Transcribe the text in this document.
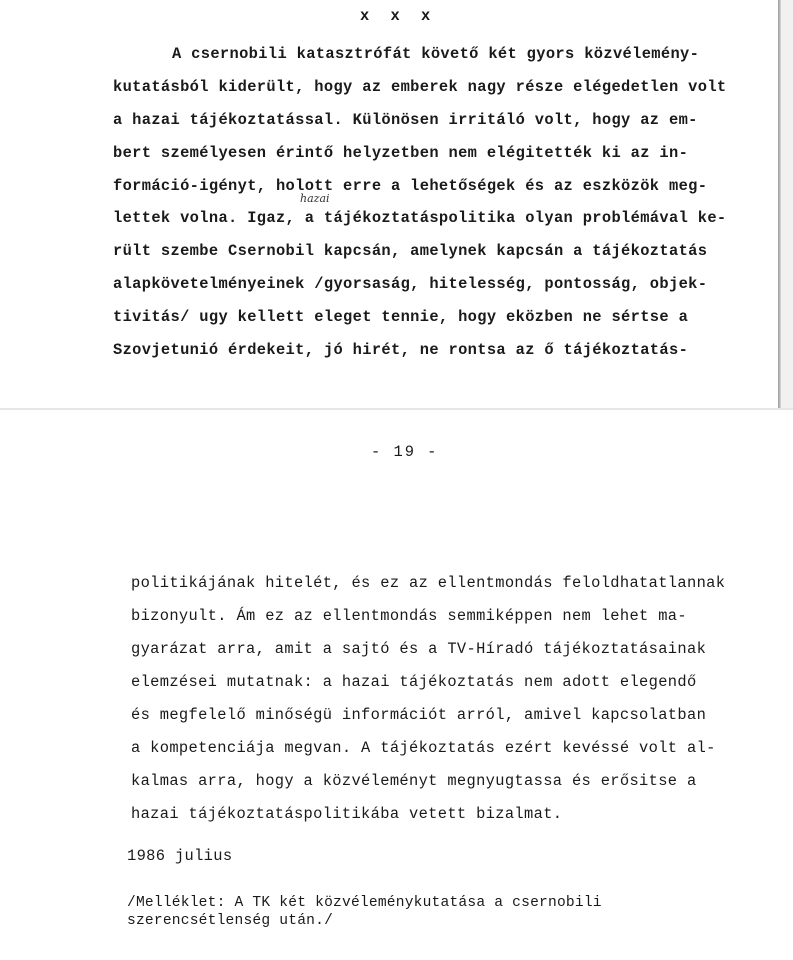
x x x
A csernobili katasztrófát követő két gyors közvélemény-
kutatásból kiderült, hogy az emberek nagy része elégedetlen volt
a hazai tájékoztatással. Különösen irritáló volt, hogy az em-
bert személyesen érintő helyzetben nem elégitették ki az in-
formáció-igényt, holott erre a lehetőségek és az eszközök meg-
hazai
lettek volna. Igaz, a tájékoztatáspolitika olyan problémával ke-
rült szembe Csernobil kapcsán, amelynek kapcsán a tájékoztatás
alapkövetelményeinek /gyorsaság, hitelesség, pontosság, objek-
tivitás/ ugy kellett eleget tennie, hogy eközben ne sértse a
Szovjetunió érdekeit, jó hirét, ne rontsa az ő tájékoztatás-
- 19 -
politikájának hitelét, és ez az ellentmondás feloldhatatlannak
bizonyult. Ám ez az ellentmondás semmiképpen nem lehet ma-
gyarázat arra, amit a sajtó és a TV-Híradó tájékoztatásainak
elemzései mutatnak: a hazai tájékoztatás nem adott elegendő
és megfelelő minőségü információt arról, amivel kapcsolatban
a kompetenciája megvan. A tájékoztatás ezért kevéssé volt al-
kalmas arra, hogy a közvéleményt megnyugtassa és erősitse a
hazai tájékoztatáspolitikába vetett bizalmat.
1986 julius
/Melléklet: A TK két közvéleménykutatása a csernobili
szerencsétlenség után./
